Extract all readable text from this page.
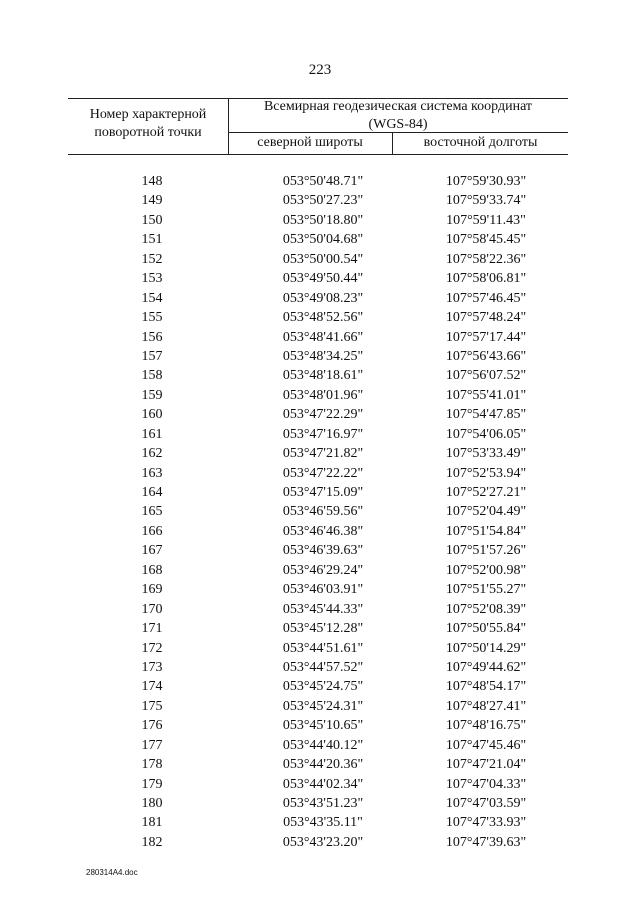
223
Номер характерной
поворотной точки
Всемирная геодезическая система координат
(WGS-84)
северной широты	восточной долготы
148	053°50'48.71"	107°59'30.93"
149	053°50'27.23"	107°59'33.74"
150	053°50'18.80"	107°59'11.43"
151	053°50'04.68"	107°58'45.45"
152	053°50'00.54"	107°58'22.36"
153	053°49'50.44"	107°58'06.81"
154	053°49'08.23"	107°57'46.45"
155	053°48'52.56"	107°57'48.24"
156	053°48'41.66"	107°57'17.44"
157	053°48'34.25"	107°56'43.66"
158	053°48'18.61"	107°56'07.52"
159	053°48'01.96"	107°55'41.01"
160	053°47'22.29"	107°54'47.85"
161	053°47'16.97"	107°54'06.05"
162	053°47'21.82"	107°53'33.49"
163	053°47'22.22"	107°52'53.94"
164	053°47'15.09"	107°52'27.21"
165	053°46'59.56"	107°52'04.49"
166	053°46'46.38"	107°51'54.84"
167	053°46'39.63"	107°51'57.26"
168	053°46'29.24"	107°52'00.98"
169	053°46'03.91"	107°51'55.27"
170	053°45'44.33"	107°52'08.39"
171	053°45'12.28"	107°50'55.84"
172	053°44'51.61"	107°50'14.29"
173	053°44'57.52"	107°49'44.62"
174	053°45'24.75"	107°48'54.17"
175	053°45'24.31"	107°48'27.41"
176	053°45'10.65"	107°48'16.75"
177	053°44'40.12"	107°47'45.46"
178	053°44'20.36"	107°47'21.04"
179	053°44'02.34"	107°47'04.33"
180	053°43'51.23"	107°47'03.59"
181	053°43'35.11"	107°47'33.93"
182	053°43'23.20"	107°47'39.63"
280314A4.doc
